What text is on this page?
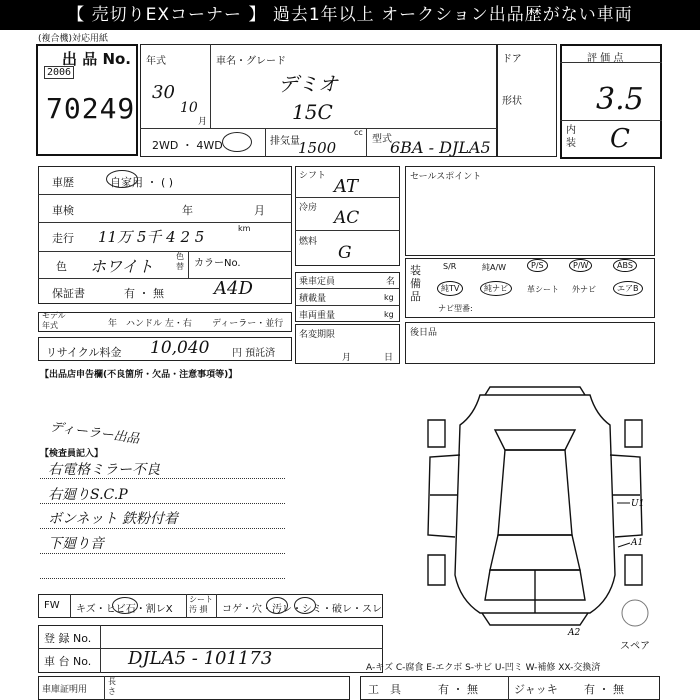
【 売切りEXコーナー 】 過去1年以上 オークション出品歴がない車両
(複合機)対応用紙
出 品 No.
2006
70249
年式
30
10
月
車名・グレード
デミオ
15C
2WD ・ 4WD	排気量
cc
1500	型式
6BA - DJLA5
ドア
形状
評 価 点
3.5
内装 C
車歴	自家用 ・ ( )
車検	年	月
走行 11万 5千 4 2 5	km
色 ホワイト
色替 カラーNo.
保証書	有 ・ 無	A4D
モデル年式	年 ハンドル 左・右 ディーラー・並行
リサイクル料金 10,040 円 預託済
【出品店申告欄(不良箇所・欠品・注意事項等)】
ディーラー出品
【検査員記入】
右電格ミラー不良
右廻りS.C.P
ボンネット 鉄粉付着
下廻り音
シフト AT
冷房 AC
燃料
G
乗車定員	名
積載量	kg
車両重量	kg
名変期限
月	日
セールスポイント
装備品
S/R	純A/W	P/S	P/W	ABS
純TV	純ナビ	革シート 外ナビ	エアB
ナビ型番:
後日品
U1
A1
A2
スペア
FW キズ・ヒビ石・割レX
シート汚 損	コゲ・穴・汚レ・シミ・破レ・スレ
登 録 No.
車 台 No. DJLA5 - 101173	A-キズ C-腐食 E-エクボ S-サビ U-凹ミ W-補修 XX-交換済
車庫証明用
長さ	工　具	有 ・ 無	ジャッキ 有 ・ 無
